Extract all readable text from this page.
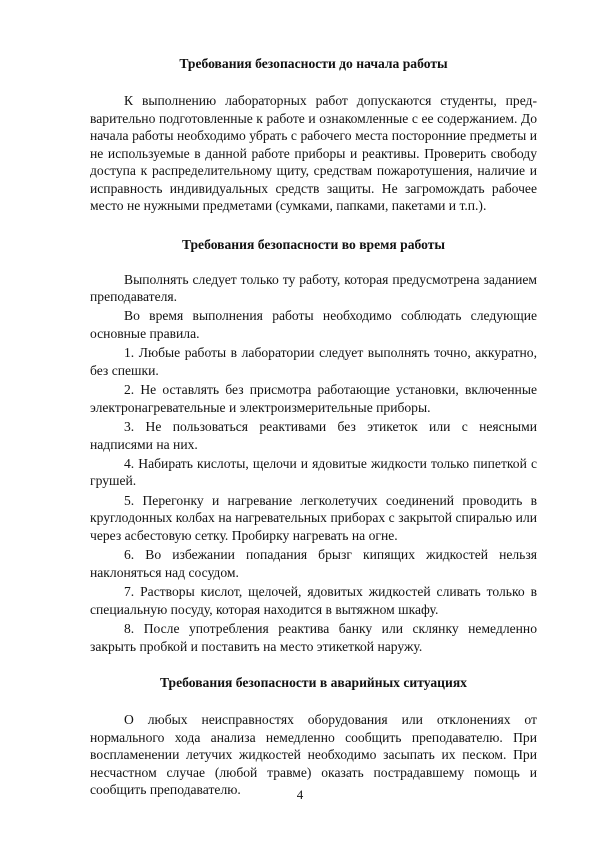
Требования безопасности до начала работы

К выполнению лабораторных работ допускаются студенты, предварительно подготовленные к работе и ознакомленные с ее содержанием. До начала работы необходимо убрать с рабочего места посторонние предметы и не используемые в данной работе приборы и реактивы. Проверить свободу доступа к распределительному щиту, средствам пожаротушения, наличие и исправность индивидуальных средств защиты. Не загромождать рабочее место не нужными предметами (сумками, папками, пакетами и т.п.).

Требования безопасности во время работы

Выполнять следует только ту работу, которая предусмотрена заданием преподавателя.

Во время выполнения работы необходимо соблюдать следующие основные правила.

1. Любые работы в лаборатории следует выполнять точно, аккуратно, без спешки.

2. Не оставлять без присмотра работающие установки, включенные электронагревательные и электроизмерительные приборы.

3. Не пользоваться реактивами без этикеток или с неясными надписями на них.

4. Набирать кислоты, щелочи и ядовитые жидкости только пипеткой с грушей.

5. Перегонку и нагревание легколетучих соединений проводить в круглодонных колбах на нагревательных приборах с закрытой спиралью или через асбестовую сетку. Пробирку нагревать на огне.

6. Во избежании попадания брызг кипящих жидкостей нельзя наклоняться над сосудом.

7. Растворы кислот, щелочей, ядовитых жидкостей сливать только в специальную посуду, которая находится в вытяжном шкафу.

8. После употребления реактива банку или склянку немедленно закрыть пробкой и поставить на место этикеткой наружу.

Требования безопасности в аварийных ситуациях

О любых неисправностях оборудования или отклонениях от нормального хода анализа немедленно сообщить преподавателю. При воспламенении летучих жидкостей необходимо засыпать их песком. При несчастном случае (любой травме) оказать пострадавшему помощь и сообщить преподавателю.	4
